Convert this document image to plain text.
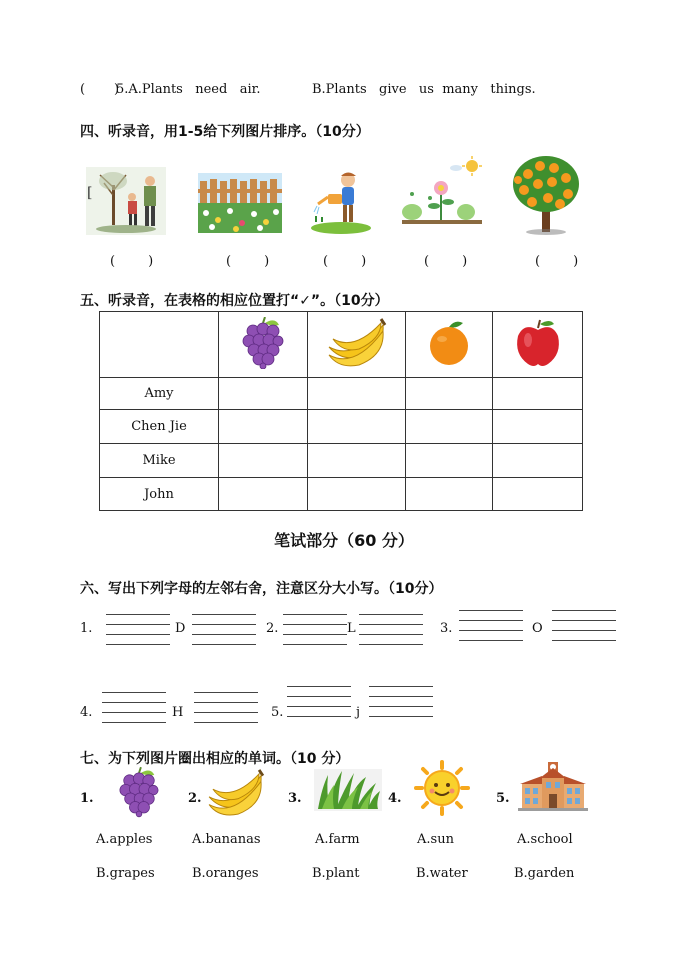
(       )
5.A.Plants   need   air.	B.Plants   give   us  many   things.
四、听录音，用1-5给下列图片排序。（10分）
[
(        )	(        )	(        )	(        )	(        )
五、听录音，在表格的相应位置打“✓”。（10分）

Amy				
Chen Jie				
Mike				
John				
笔试部分（60 分）
六、写出下列字母的左邻右舍，注意区分大小写。（10分）
1.	D	2.	L	3.	O
4.	H	5.	j
七、为下列图片圈出相应的单词。（10 分）
1.	2.	3.	4.	5.
A.apples	A.bananas	A.farm	A.sun	A.school
B.grapes	B.oranges	B.plant	B.water	B.garden
